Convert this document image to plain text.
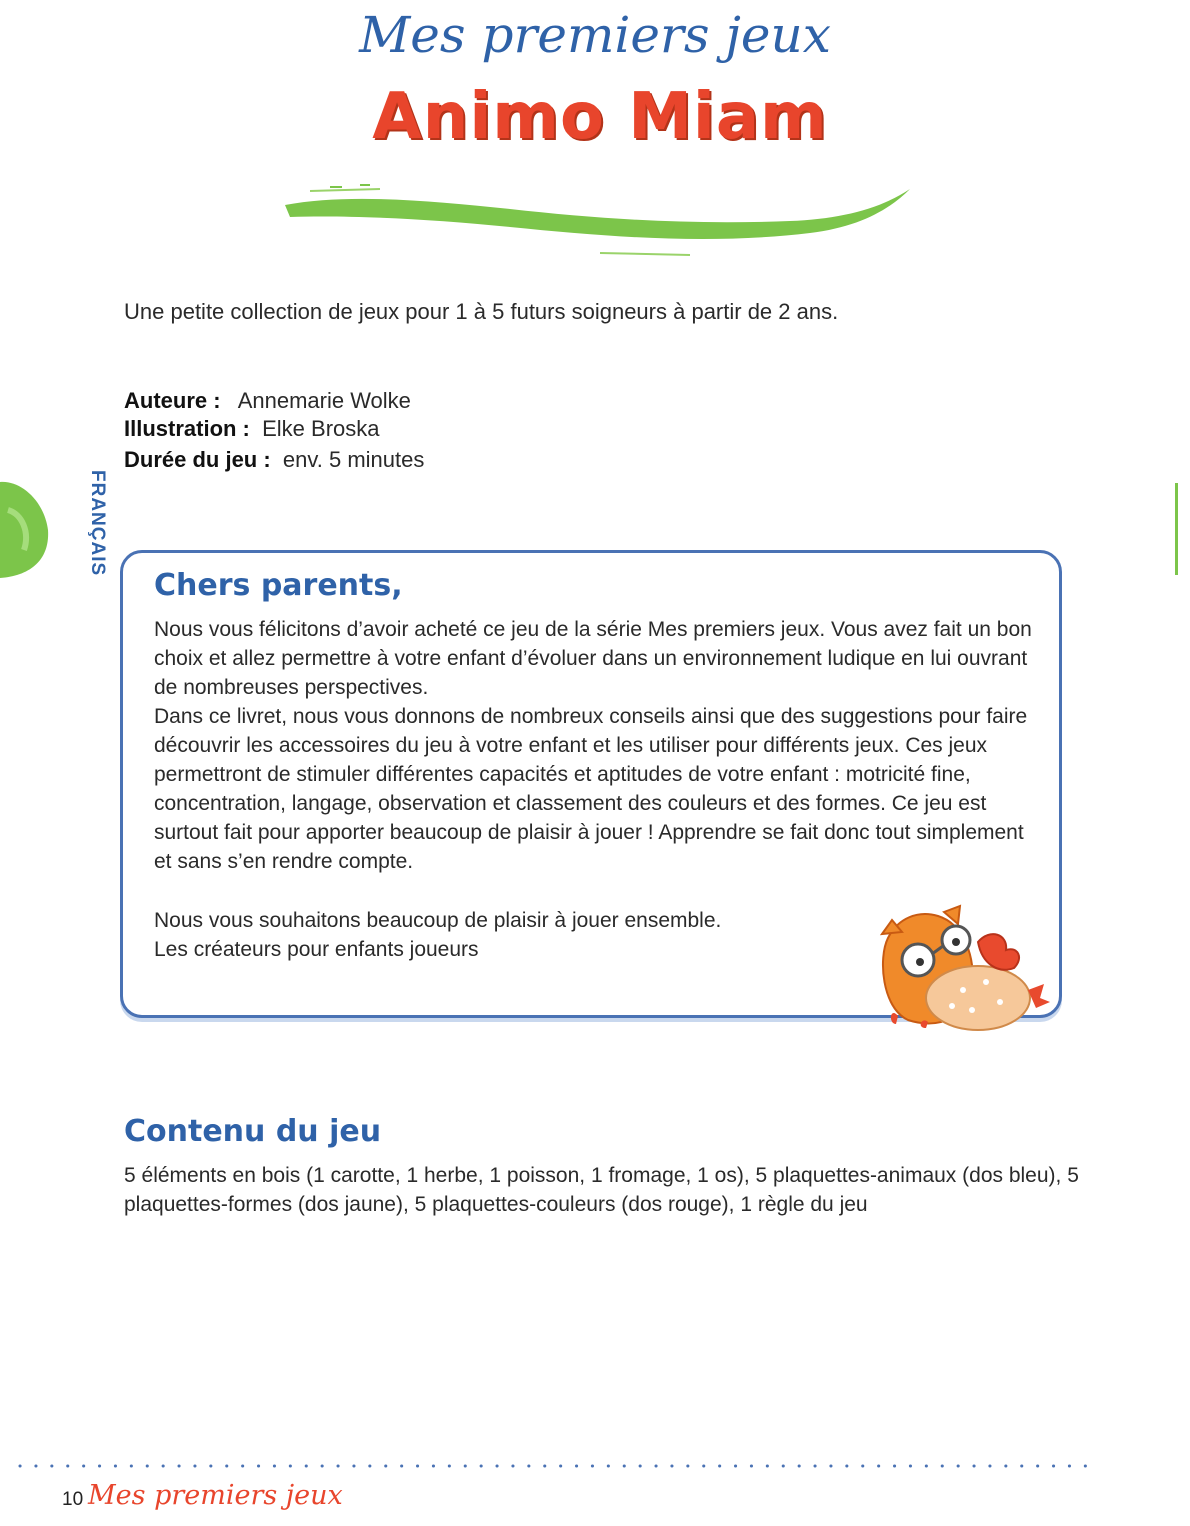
Mes premiers jeux
Animo Miam
Une petite collection de jeux pour 1 à 5 futurs soigneurs à partir de 2 ans.
Auteure : Annemarie Wolke
Illustration : Elke Broska
Durée du jeu : env. 5 minutes
FRANÇAIS
Chers parents,
Nous vous félicitons d’avoir acheté ce jeu de la série Mes premiers jeux. Vous avez fait un bon choix et allez permettre à votre enfant d’évoluer dans un environnement ludique en lui ouvrant de nombreuses perspectives.
Dans ce livret, nous vous donnons de nombreux conseils ainsi que des suggestions pour faire découvrir les accessoires du jeu à votre enfant et les utiliser pour différents jeux. Ces jeux permettront de stimuler différentes capacités et aptitudes de votre enfant : motricité fine, concentration, langage, observation et classement des couleurs et des formes. Ce jeu est surtout fait pour apporter beaucoup de plaisir à jouer ! Apprendre se fait donc tout simplement et sans s’en rendre compte.
Nous vous souhaitons beaucoup de plaisir à jouer ensemble.
Les créateurs pour enfants joueurs
Contenu du jeu
5 éléments en bois (1 carotte, 1 herbe, 1 poisson, 1 fromage, 1 os), 5 plaquettes-animaux (dos bleu), 5 plaquettes-formes (dos jaune), 5 plaquettes-couleurs (dos rouge), 1 règle du jeu
10 Mes premiers jeux
